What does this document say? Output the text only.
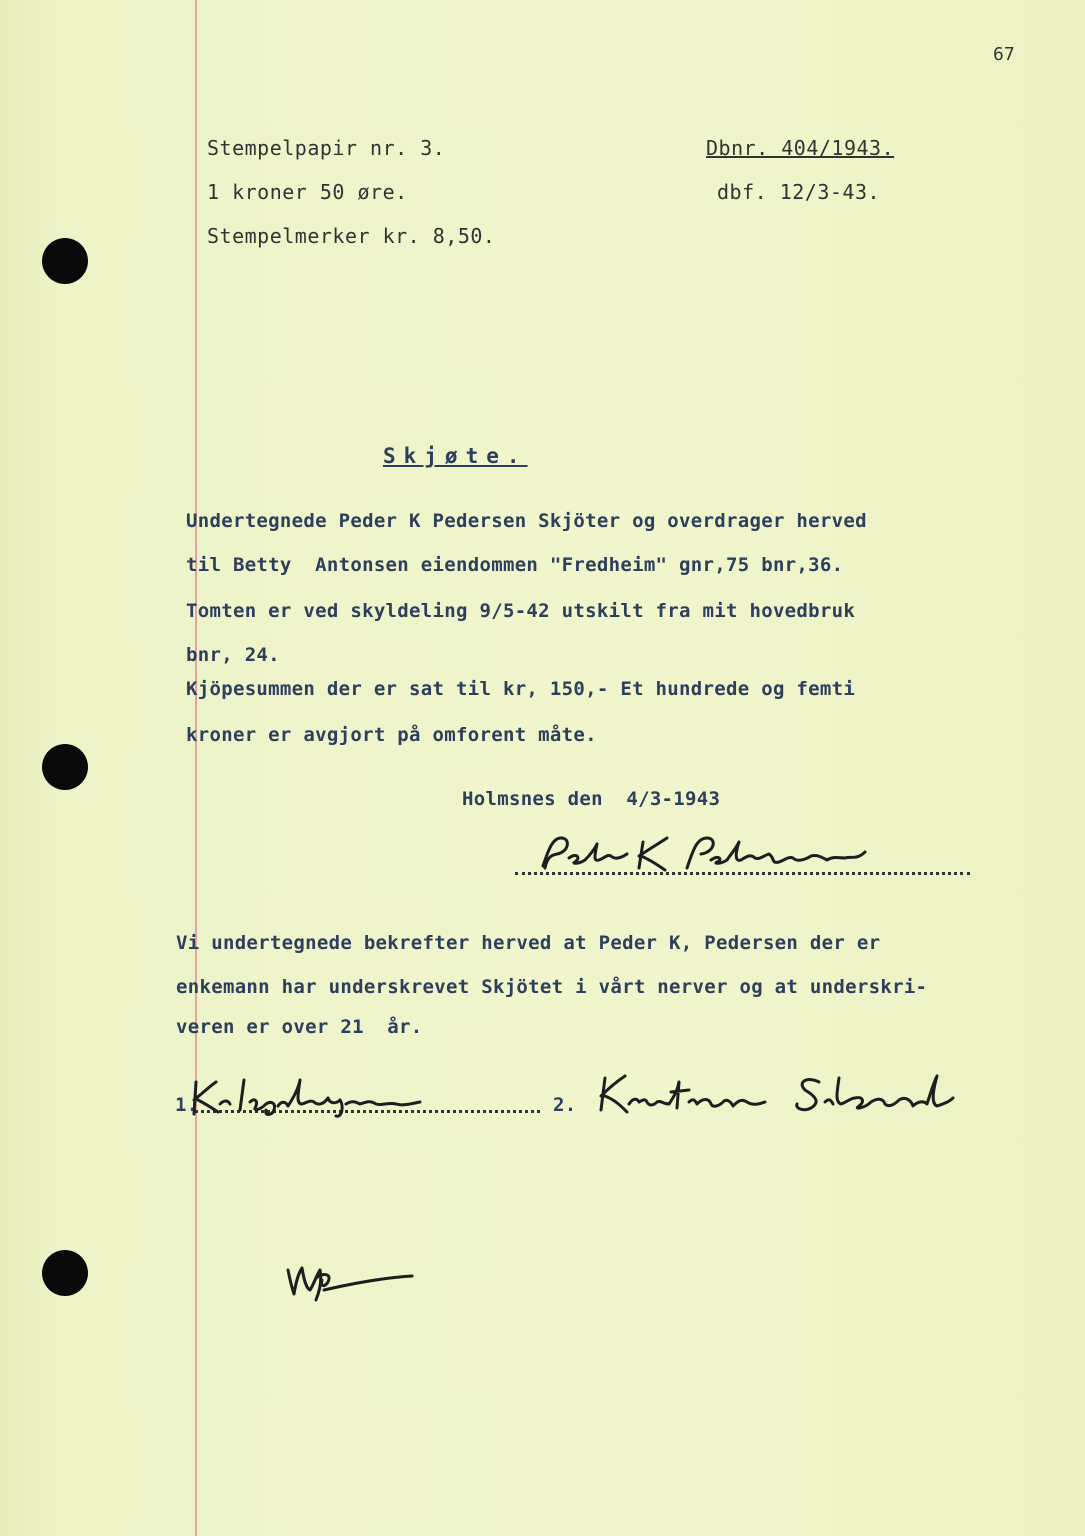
67
Stempelpapir nr. 3.
1 kroner 50 øre.
Stempelmerker kr. 8,50.
Dbnr. 404/1943.
dbf. 12/3-43.
Skjøte.
Undertegnede Peder K Pedersen Skjöter og overdrager herved
til Betty  Antonsen eiendommen "Fredheim" gnr,75 bnr,36.
Tomten er ved skyldeling 9/5-42 utskilt fra mit hovedbruk
bnr, 24.
Kjöpesummen der er sat til kr, 150,- Et hundrede og femti
kroner er avgjort på omforent måte.
Holmsnes den  4/3-1943
Vi undertegnede bekrefter herved at Peder K, Pedersen der er
enkemann har underskrevet Skjötet i vårt nerver og at underskri-
veren er over 21  år.
1.	2.
